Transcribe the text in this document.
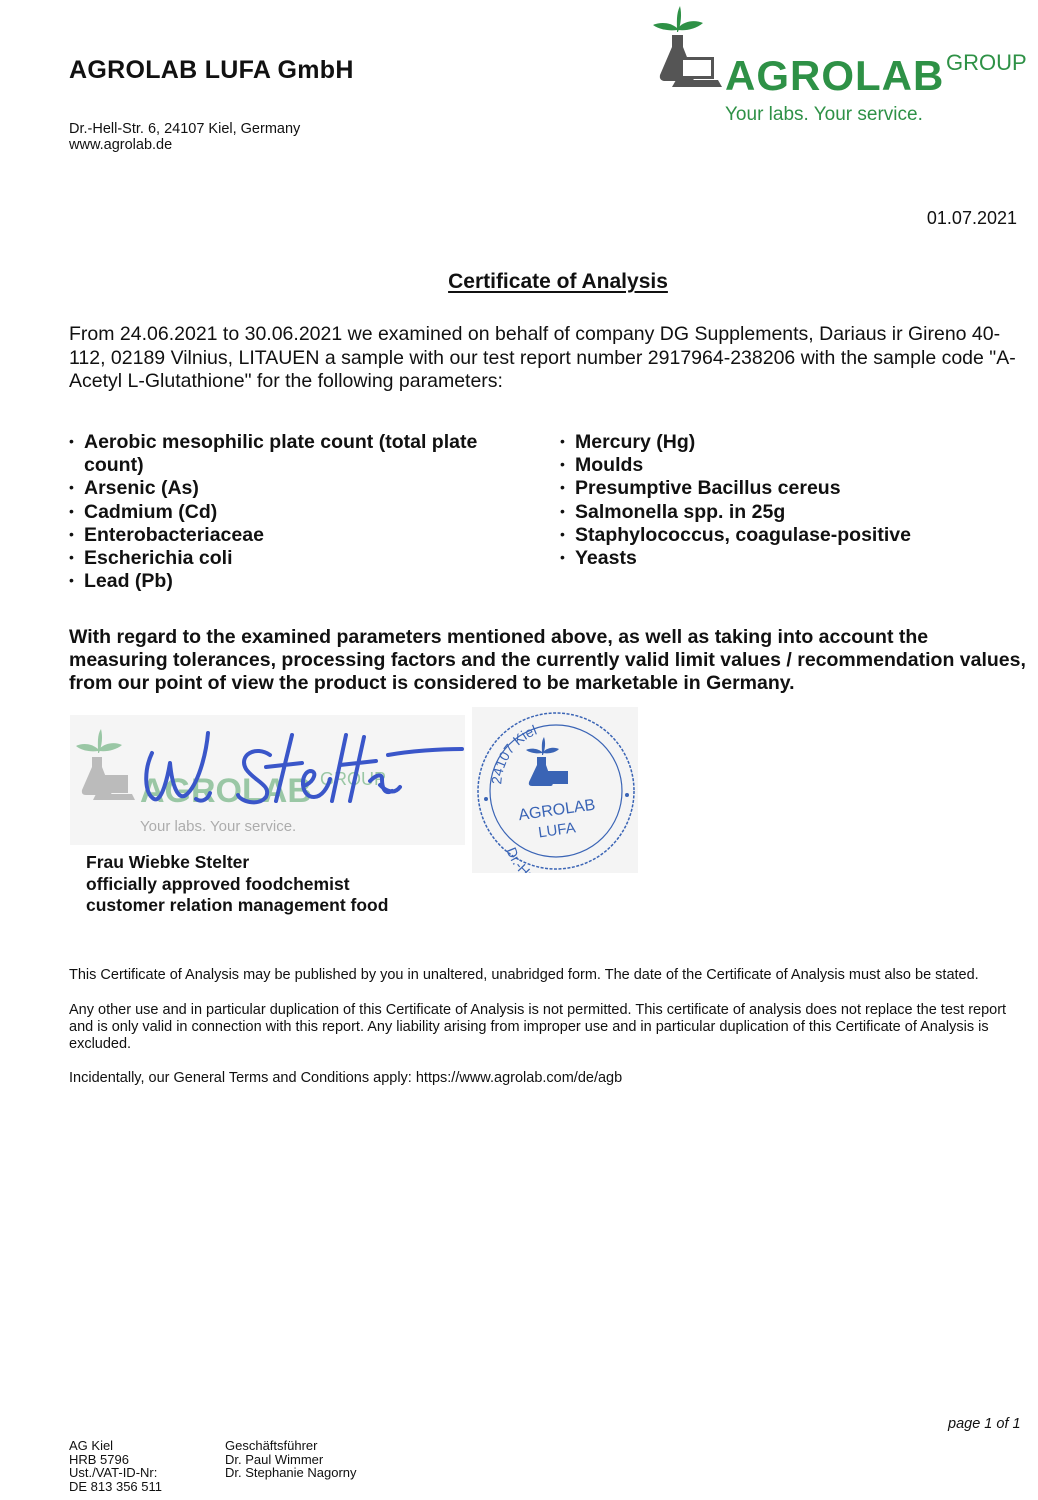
AGROLAB LUFA GmbH
Dr.-Hell-Str. 6, 24107 Kiel, Germany
www.agrolab.de
AGROLAB GROUP
Your labs. Your service.
01.07.2021
Certificate of Analysis
From 24.06.2021 to 30.06.2021 we examined on behalf of company DG Supplements, Dariaus ir Gireno 40-112, 02189 Vilnius, LITAUEN a sample with our test report number 2917964-238206 with the sample code "A-Acetyl L-Glutathione" for the following parameters:
• Aerobic mesophilic plate count (total plate count)
• Arsenic (As)
• Cadmium (Cd)
• Enterobacteriaceae
• Escherichia coli
• Lead (Pb)
• Mercury (Hg)
• Moulds
• Presumptive Bacillus cereus
• Salmonella spp. in 25g
• Staphylococcus, coagulase-positive
• Yeasts
With regard to the examined parameters mentioned above, as well as taking into account the measuring tolerances, processing factors and the currently valid limit values / recommendation values, from our point of view the product is considered to be marketable in Germany.
AGROLAB GROUP
Your labs. Your service.
24107 Kiel
Dr.-H
AGROLAB
LUFA
Frau Wiebke Stelter
officially approved foodchemist
customer relation management food
This Certificate of Analysis may be published by you in unaltered, unabridged form. The date of the Certificate of Analysis must also be stated.
Any other use and in particular duplication of this Certificate of Analysis is not permitted. This certificate of analysis does not replace the test report and is only valid in connection with this report. Any liability arising from improper use and in particular duplication of this Certificate of Analysis is excluded.
Incidentally, our General Terms and Conditions apply: https://www.agrolab.com/de/agb
page 1 of 1
AG Kiel
HRB 5796
Ust./VAT-ID-Nr:
DE 813 356 511
Geschäftsführer
Dr. Paul Wimmer
Dr. Stephanie Nagorny
